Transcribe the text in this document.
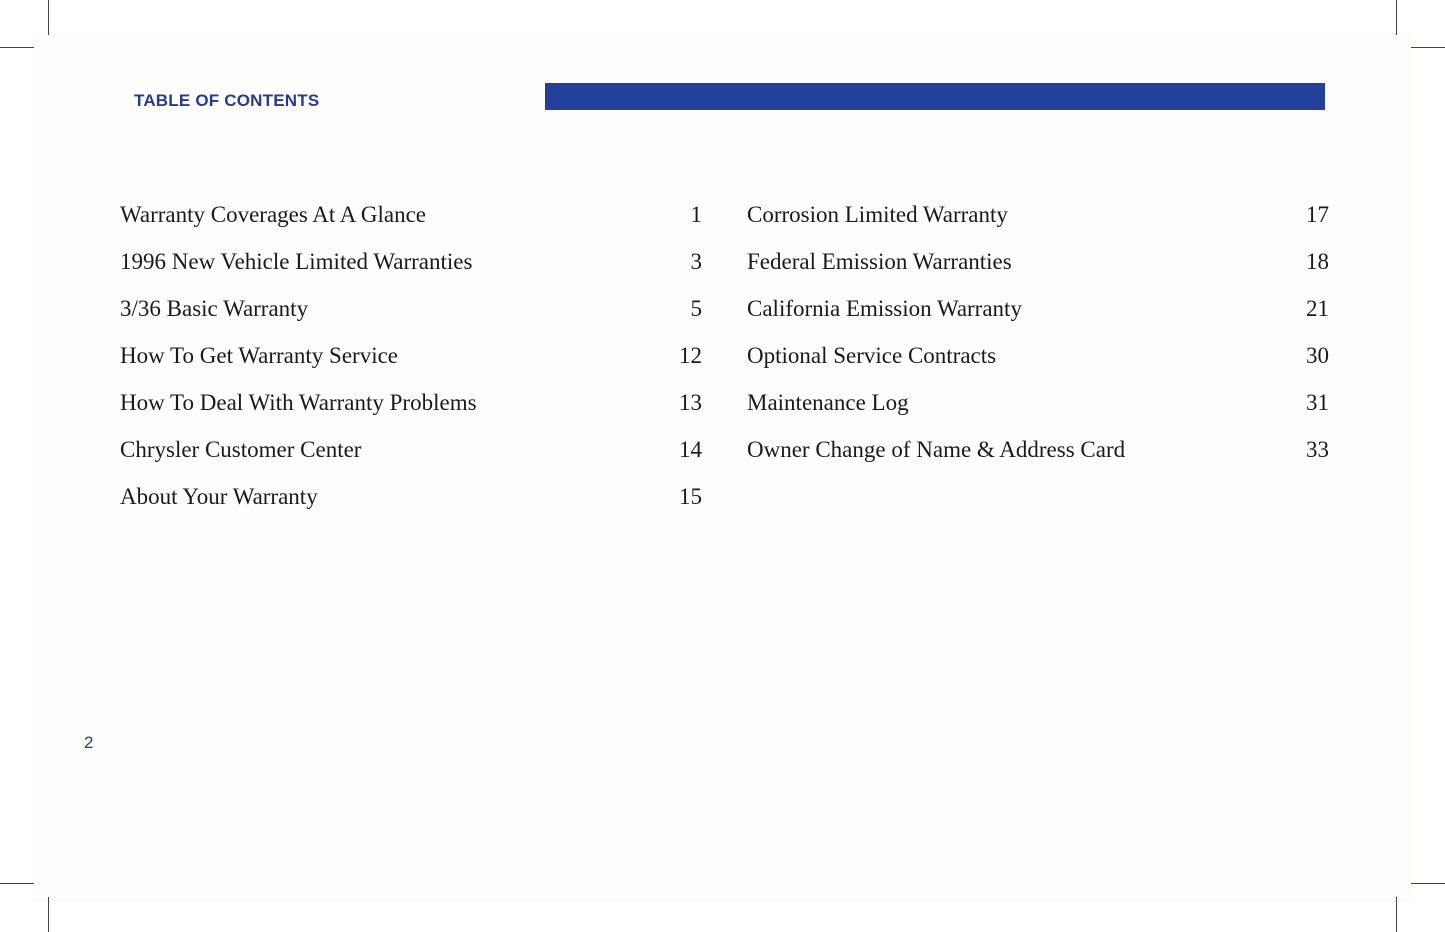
TABLE OF CONTENTS
Warranty Coverages At A Glance	1
1996 New Vehicle Limited Warranties	3
3/36 Basic Warranty	5
How To Get Warranty Service	12
How To Deal With Warranty Problems	13
Chrysler Customer Center	14
About Your Warranty	15
Corrosion Limited Warranty	17
Federal Emission Warranties	18
California Emission Warranty	21
Optional Service Contracts	30
Maintenance Log	31
Owner Change of Name & Address Card	33
2
